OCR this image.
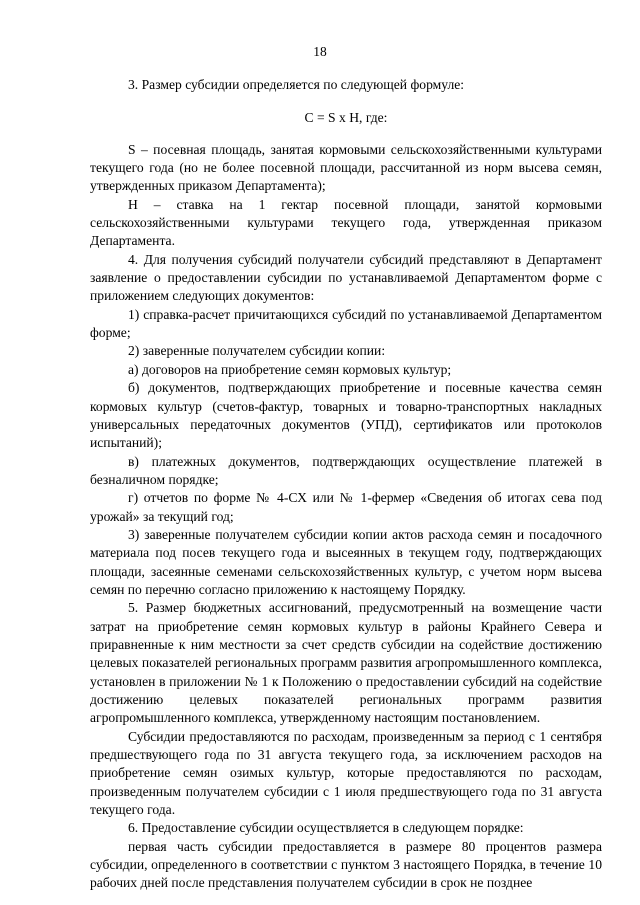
18

3. Размер субсидии определяется по следующей формуле:

С = S х Н, где:

S – посевная площадь, занятая кормовыми сельскохозяйственными культурами текущего года (но не более посевной площади, рассчитанной из норм высева семян, утвержденных приказом Департамента);

Н – ставка на 1 гектар посевной площади, занятой кормовыми сельскохозяйственными культурами текущего года, утвержденная приказом Департамента.

4. Для получения субсидий получатели субсидий представляют в Департамент заявление о предоставлении субсидии по устанавливаемой Департаментом форме с приложением следующих документов:

1) справка-расчет причитающихся субсидий по устанавливаемой Департаментом форме;

2) заверенные получателем субсидии копии:

а) договоров на приобретение семян кормовых культур;

б) документов, подтверждающих приобретение и посевные качества семян кормовых культур (счетов-фактур, товарных и товарно-транспортных накладных универсальных передаточных документов (УПД), сертификатов или протоколов испытаний);

в) платежных документов, подтверждающих осуществление платежей в безналичном порядке;

г) отчетов по форме № 4-СХ или № 1-фермер «Сведения об итогах сева под урожай» за текущий год;

3) заверенные получателем субсидии копии актов расхода семян и посадочного материала под посев текущего года и высеянных в текущем году, подтверждающих площади, засеянные семенами сельскохозяйственных культур, с учетом норм высева семян по перечню согласно приложению к настоящему Порядку.

5. Размер бюджетных ассигнований, предусмотренный на возмещение части затрат на приобретение семян кормовых культур в районы Крайнего Севера и приравненные к ним местности за счет средств субсидии на содействие достижению целевых показателей региональных программ развития агропромышленного комплекса, установлен в приложении № 1 к Положению о предоставлении субсидий на содействие достижению целевых показателей региональных программ развития агропромышленного комплекса, утвержденному настоящим постановлением.

Субсидии предоставляются по расходам, произведенным за период с 1 сентября предшествующего года по 31 августа текущего года, за исключением расходов на приобретение семян озимых культур, которые предоставляются по расходам, произведенным получателем субсидии с 1 июля предшествующего года по 31 августа текущего года.

6. Предоставление субсидии осуществляется в следующем порядке:

первая часть субсидии предоставляется в размере 80 процентов размера субсидии, определенного в соответствии с пунктом 3 настоящего Порядка, в течение 10 рабочих дней после представления получателем субсидии в срок не позднее
